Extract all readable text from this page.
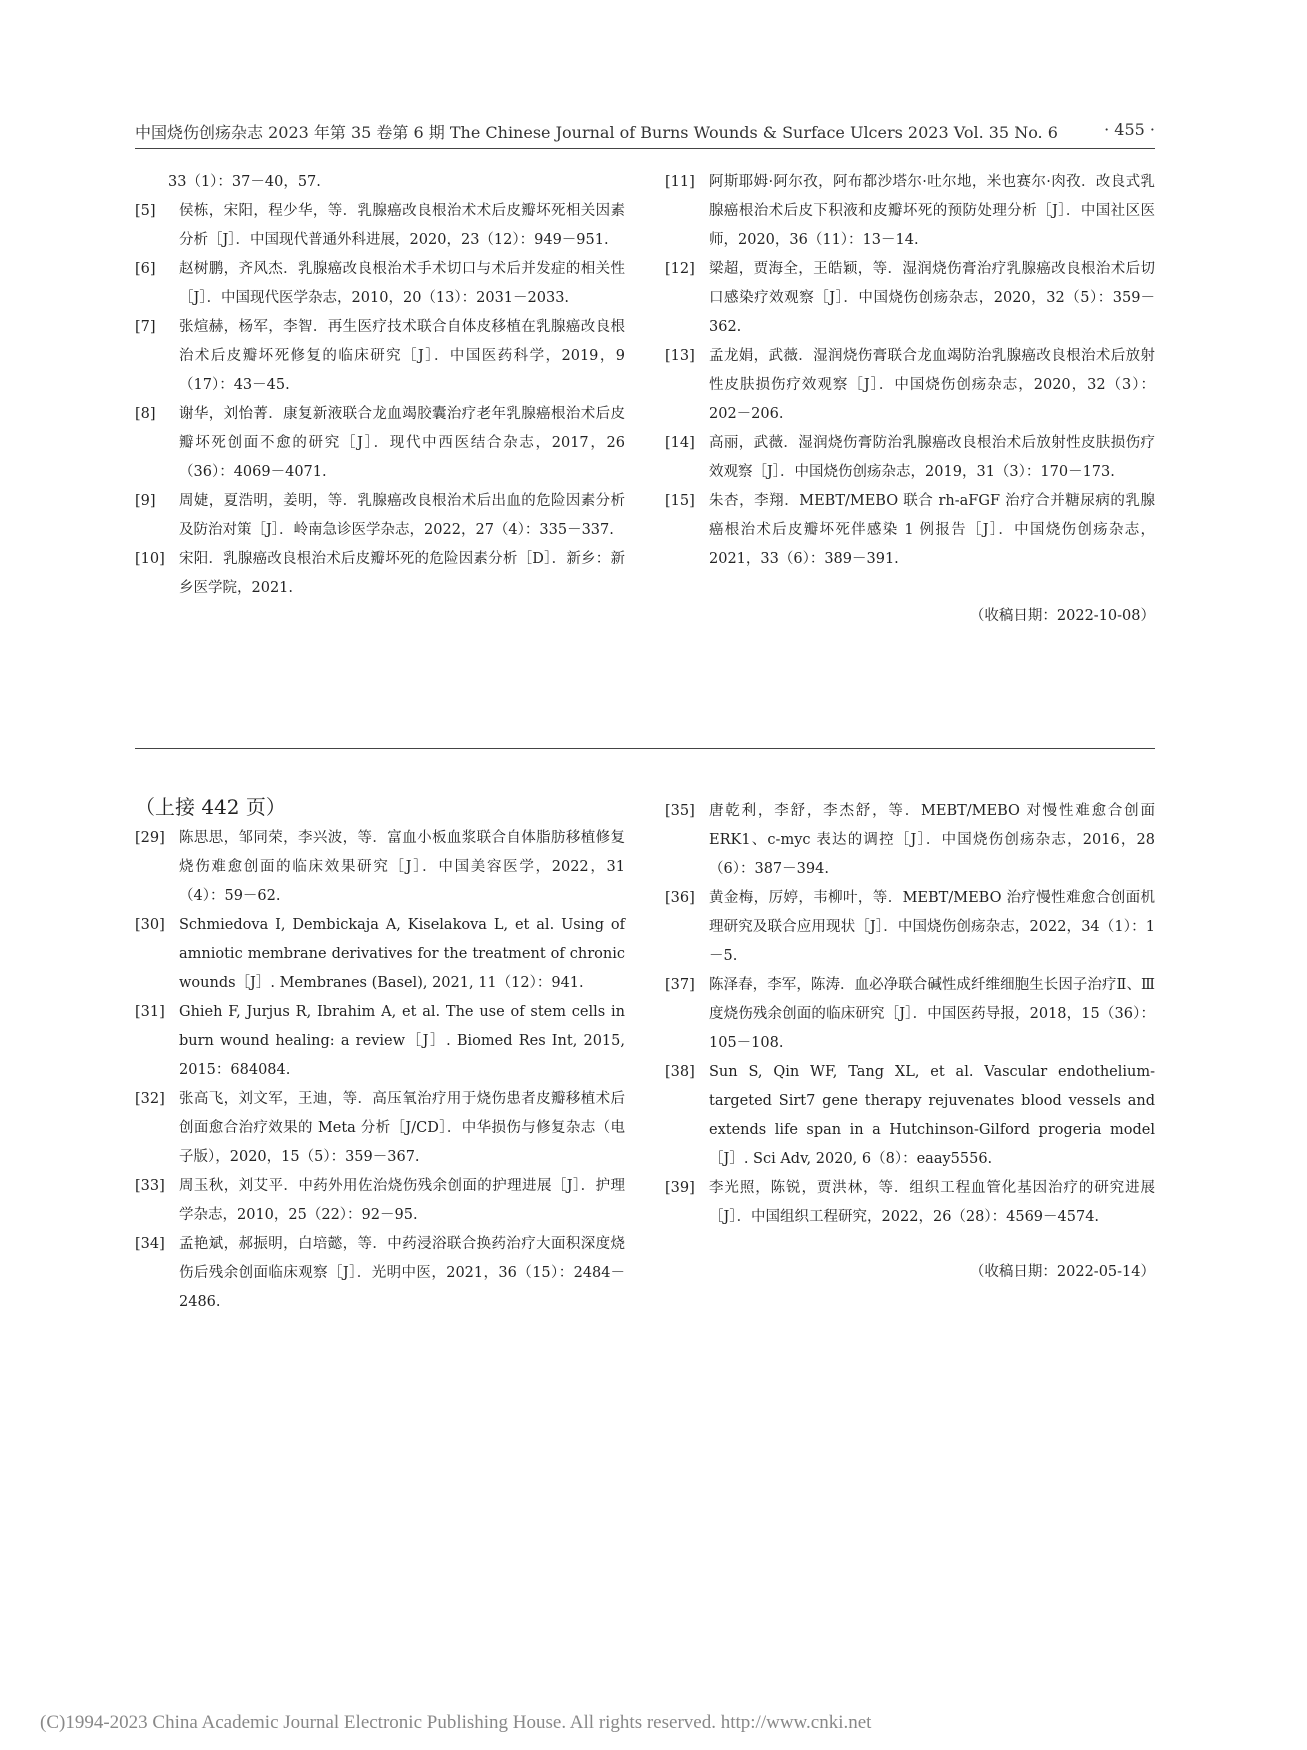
中国烧伤创疡杂志 2023 年第 35 卷第 6 期 The Chinese Journal of Burns Wounds & Surface Ulcers 2023 Vol. 35 No. 6	· 455 ·
33（1）：37－40，57.
[5]	侯栋，宋阳，程少华，等．乳腺癌改良根治术术后皮瓣坏死相关因素分析［J］．中国现代普通外科进展，2020，23（12）：949－951.
[6]	赵树鹏，齐风杰．乳腺癌改良根治术手术切口与术后并发症的相关性［J］．中国现代医学杂志，2010，20（13）：2031－2033.
[7]	张煊赫，杨军，李智．再生医疗技术联合自体皮移植在乳腺癌改良根治术后皮瓣坏死修复的临床研究［J］．中国医药科学，2019，9（17）：43－45.
[8]	谢华，刘怡菁．康复新液联合龙血竭胶囊治疗老年乳腺癌根治术后皮瓣坏死创面不愈的研究［J］．现代中西医结合杂志，2017，26（36）：4069－4071.
[9]	周婕，夏浩明，姜明，等．乳腺癌改良根治术后出血的危险因素分析及防治对策［J］．岭南急诊医学杂志，2022，27（4）：335－337.
[10] 宋阳．乳腺癌改良根治术后皮瓣坏死的危险因素分析［D］．新乡：新乡医学院，2021.
[11] 阿斯耶姆·阿尔孜，阿布都沙塔尔·吐尔地，米也赛尔·肉孜．改良式乳腺癌根治术后皮下积液和皮瓣坏死的预防处理分析［J］．中国社区医师，2020，36（11）：13－14.
[12] 梁超，贾海全，王皓颖，等．湿润烧伤膏治疗乳腺癌改良根治术后切口感染疗效观察［J］．中国烧伤创疡杂志，2020，32（5）：359－362.
[13] 孟龙娟，武薇．湿润烧伤膏联合龙血竭防治乳腺癌改良根治术后放射性皮肤损伤疗效观察［J］．中国烧伤创疡杂志，2020，32（3）：202－206.
[14] 高丽，武薇．湿润烧伤膏防治乳腺癌改良根治术后放射性皮肤损伤疗效观察［J］．中国烧伤创疡杂志，2019，31（3）：170－173.
[15] 朱杏，李翔．MEBT/MEBO 联合 rh-aFGF 治疗合并糖尿病的乳腺癌根治术后皮瓣坏死伴感染 1 例报告［J］．中国烧伤创疡杂志，2021，33（6）：389－391.
（收稿日期：2022-10-08）
（上接 442 页）
[29] 陈思思，邹同荣，李兴波，等．富血小板血浆联合自体脂肪移植修复烧伤难愈创面的临床效果研究［J］．中国美容医学，2022，31（4）：59－62.
[30] Schmiedova I, Dembickaja A, Kiselakova L, et al. Using of amniotic membrane derivatives for the treatment of chronic wounds［J］. Membranes (Basel), 2021, 11（12）：941.
[31] Ghieh F, Jurjus R, Ibrahim A, et al. The use of stem cells in burn wound healing: a review［J］. Biomed Res Int, 2015, 2015：684084.
[32] 张高飞，刘文军，王迪，等．高压氧治疗用于烧伤患者皮瓣移植术后创面愈合治疗效果的 Meta 分析［J/CD］．中华损伤与修复杂志（电子版），2020，15（5）：359－367.
[33] 周玉秋，刘艾平．中药外用佐治烧伤残余创面的护理进展［J］．护理学杂志，2010，25（22）：92－95.
[34] 孟艳斌，郝振明，白培懿，等．中药浸浴联合换药治疗大面积深度烧伤后残余创面临床观察［J］．光明中医，2021，36（15）：2484－2486.
[35] 唐乾利，李舒，李杰舒，等．MEBT/MEBO 对慢性难愈合创面 ERK1、c-myc 表达的调控［J］．中国烧伤创疡杂志，2016，28（6）：387－394.
[36] 黄金梅，厉婷，韦柳叶，等．MEBT/MEBO 治疗慢性难愈合创面机理研究及联合应用现状［J］．中国烧伤创疡杂志，2022，34（1）：1－5.
[37] 陈泽春，李军，陈涛．血必净联合碱性成纤维细胞生长因子治疗Ⅱ、Ⅲ度烧伤残余创面的临床研究［J］．中国医药导报，2018，15（36）：105－108.
[38] Sun S, Qin WF, Tang XL, et al. Vascular endothelium-targeted Sirt7 gene therapy rejuvenates blood vessels and extends life span in a Hutchinson-Gilford progeria model［J］. Sci Adv, 2020, 6（8）：eaay5556.
[39] 李光照，陈锐，贾洪林，等．组织工程血管化基因治疗的研究进展［J］．中国组织工程研究，2022，26（28）：4569－4574.
（收稿日期：2022-05-14）
(C)1994-2023 China Academic Journal Electronic Publishing House. All rights reserved. http://www.cnki.net
